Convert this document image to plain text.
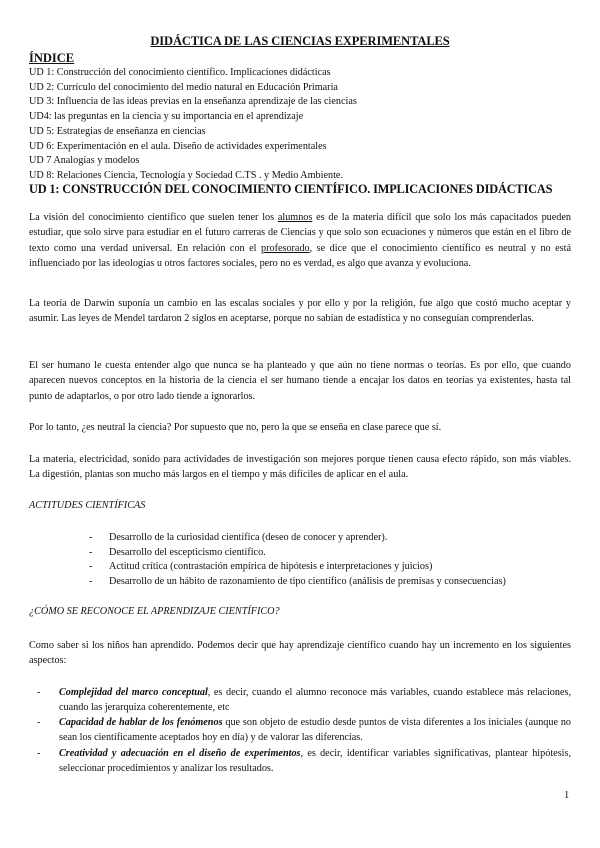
DIDÁCTICA DE LAS CIENCIAS EXPERIMENTALES
ÍNDICE
UD 1: Construcción del conocimiento científico. Implicaciones didácticas
UD 2: Currículo del conocimiento del medio natural en Educación Primaria
UD 3: Influencia de las ideas previas en la enseñanza aprendizaje de las ciencias
UD4: las preguntas en la ciencia y su importancia en el aprendizaje
UD 5: Estrategias de enseñanza en ciencias
UD 6: Experimentación en el aula. Diseño de actividades experimentales
UD 7 Analogías y modelos
UD 8: Relaciones Ciencia, Tecnología y Sociedad C.TS . y Medio Ambiente.
UD 1: CONSTRUCCIÓN DEL CONOCIMIENTO CIENTÍFICO. IMPLICACIONES DIDÁCTICAS

La visión del conocimiento científico que suelen tener los alumnos es de la materia difícil que solo los más capacitados pueden estudiar, que solo sirve para estudiar en el futuro carreras de Ciencias y que solo son ecuaciones y números que están en el libro de texto como una verdad universal. En relación con el profesorado, se dice que el conocimiento científico es neutral y no está influenciado por las ideologías u otros factores sociales, pero no es verdad, es algo que avanza y evoluciona.

La teoría de Darwin suponía un cambio en las escalas sociales y por ello y por la religión, fue algo que costó mucho aceptar y asumir. Las leyes de Mendel tardaron 2 siglos en aceptarse, porque no sabían de estadística y no conseguían comprenderlas.

El ser humano le cuesta entender algo que nunca se ha planteado y que aún no tiene normas o teorías. Es por ello, que cuando aparecen nuevos conceptos en la historia de la ciencia el ser humano tiende a encajar los datos en teorías ya existentes, hasta tal punto de adaptarlos, o por otro lado tiende a ignorarlos.

Por lo tanto, ¿es neutral la ciencia? Por supuesto que no, pero la que se enseña en clase parece que sí.

La materia, electricidad, sonido para actividades de investigación son mejores porque tienen causa efecto rápido, son más viables. La digestión, plantas son mucho más largos en el tiempo y más difíciles de aplicar en el aula.

ACTITUDES CIENTÍFICAS
- Desarrollo de la curiosidad científica (deseo de conocer y aprender).
- Desarrollo del escepticismo científico.
- Actitud crítica (contrastación empírica de hipótesis e interpretaciones y juicios)
- Desarrollo de un hábito de razonamiento de tipo científico (análisis de premisas y consecuencias)
¿CÓMO SE RECONOCE EL APRENDIZAJE CIENTÍFICO?

Como saber si los niños han aprendido. Podemos decir que hay aprendizaje científico cuando hay un incremento en los siguientes aspectos:

- Complejidad del marco conceptual, es decir, cuando el alumno reconoce más variables, cuando establece más relaciones, cuando las jerarquiza coherentemente, etc
- Capacidad de hablar de los fenómenos que son objeto de estudio desde puntos de vista diferentes a los iniciales (aunque no sean los científicamente aceptados hoy en día) y de valorar las diferencias.
- Creatividad y adecuación en el diseño de experimentos, es decir, identificar variables significativas, plantear hipótesis, seleccionar procedimientos y analizar los resultados.
1
